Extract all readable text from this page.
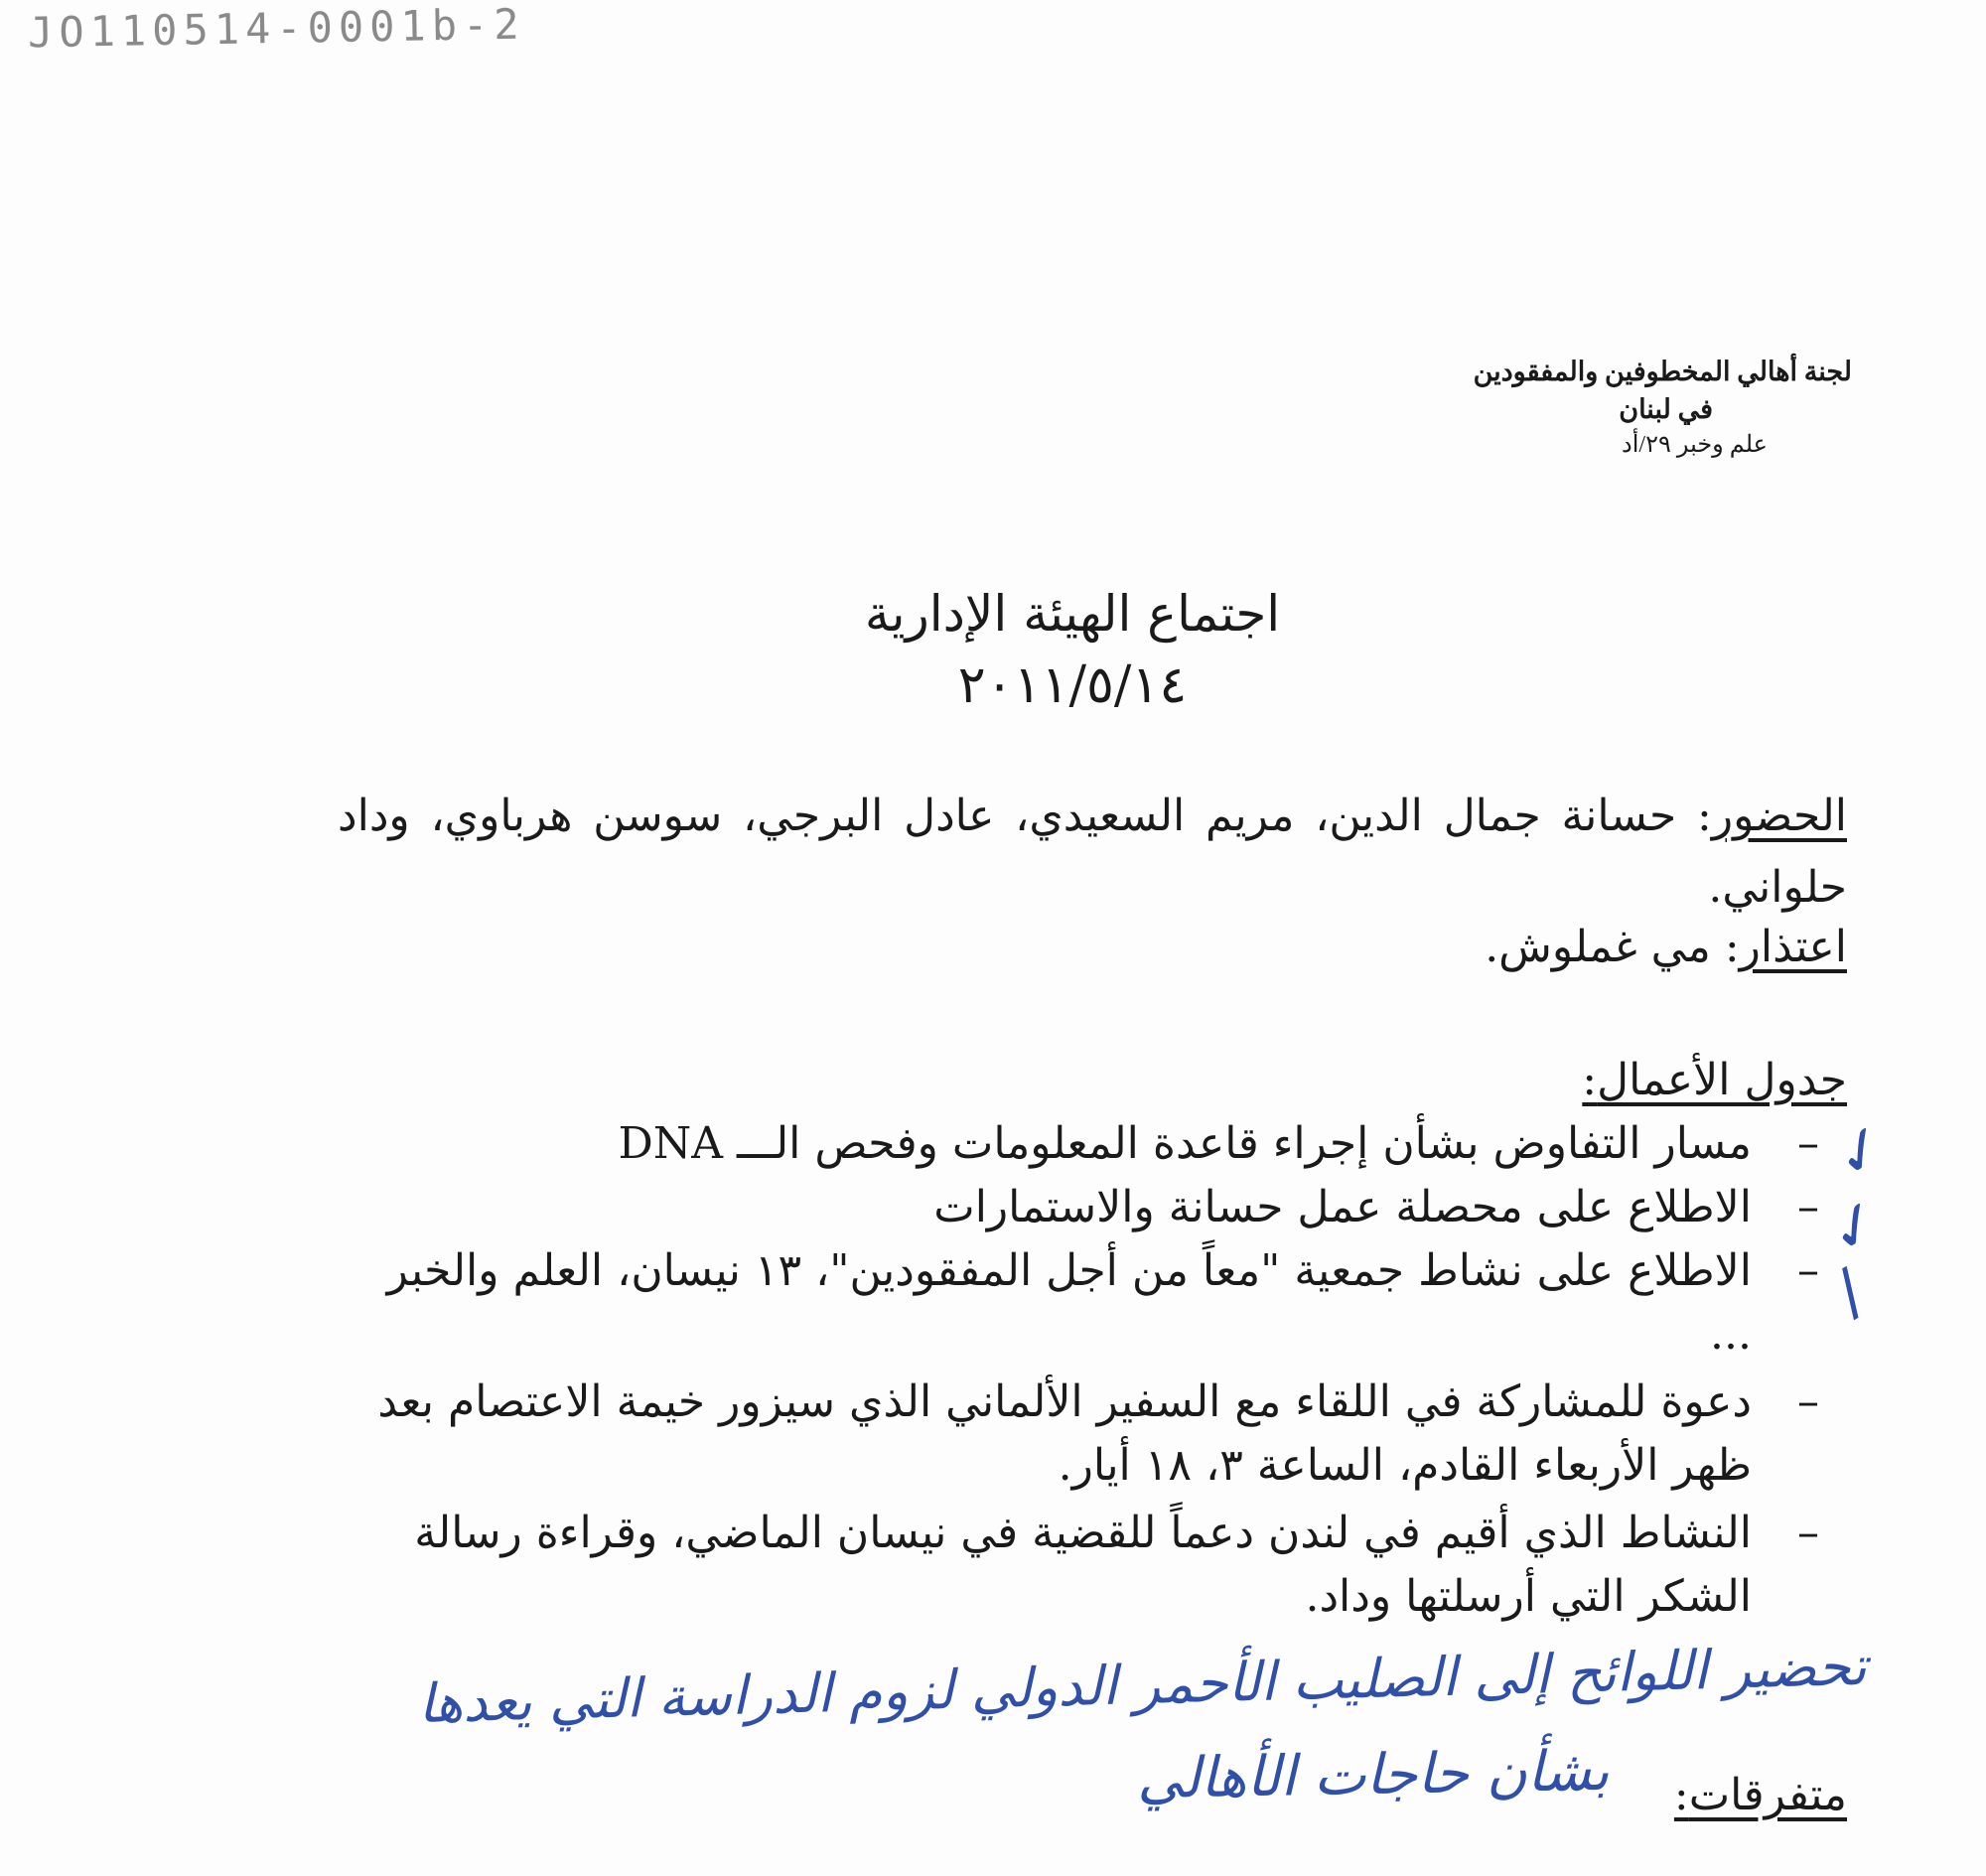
JO110514-0001b-2
لجنة أهالي المخطوفين والمفقودين
في لبنان
علم وخبر ٢٩/أد
اجتماع الهيئة الإدارية
٢٠١١/٥/١٤
الحضور: حسانة جمال الدين، مريم السعيدي، عادل البرجي، سوسن هرباوي، وداد حلواني.
اعتذار: مي غملوش.
جدول الأعمال:
– مسار التفاوض بشأن إجراء قاعدة المعلومات وفحص الـــ DNA
– الاطلاع على محصلة عمل حسانة والاستمارات
– الاطلاع على نشاط جمعية "معاً من أجل المفقودين"، ١٣ نيسان، العلم والخبر ...
– دعوة للمشاركة في اللقاء مع السفير الألماني الذي سيزور خيمة الاعتصام بعد ظهر الأربعاء القادم، الساعة ٣، ١٨ أيار.
– النشاط الذي أقيم في لندن دعماً للقضية في نيسان الماضي، وقراءة رسالة الشكر التي أرسلتها وداد.
✓
✓
/
تحضير اللوائح إلى الصليب الأحمر الدولي لزوم الدراسة التي يعدها
بشأن حاجات الأهالي	متفرقات:
